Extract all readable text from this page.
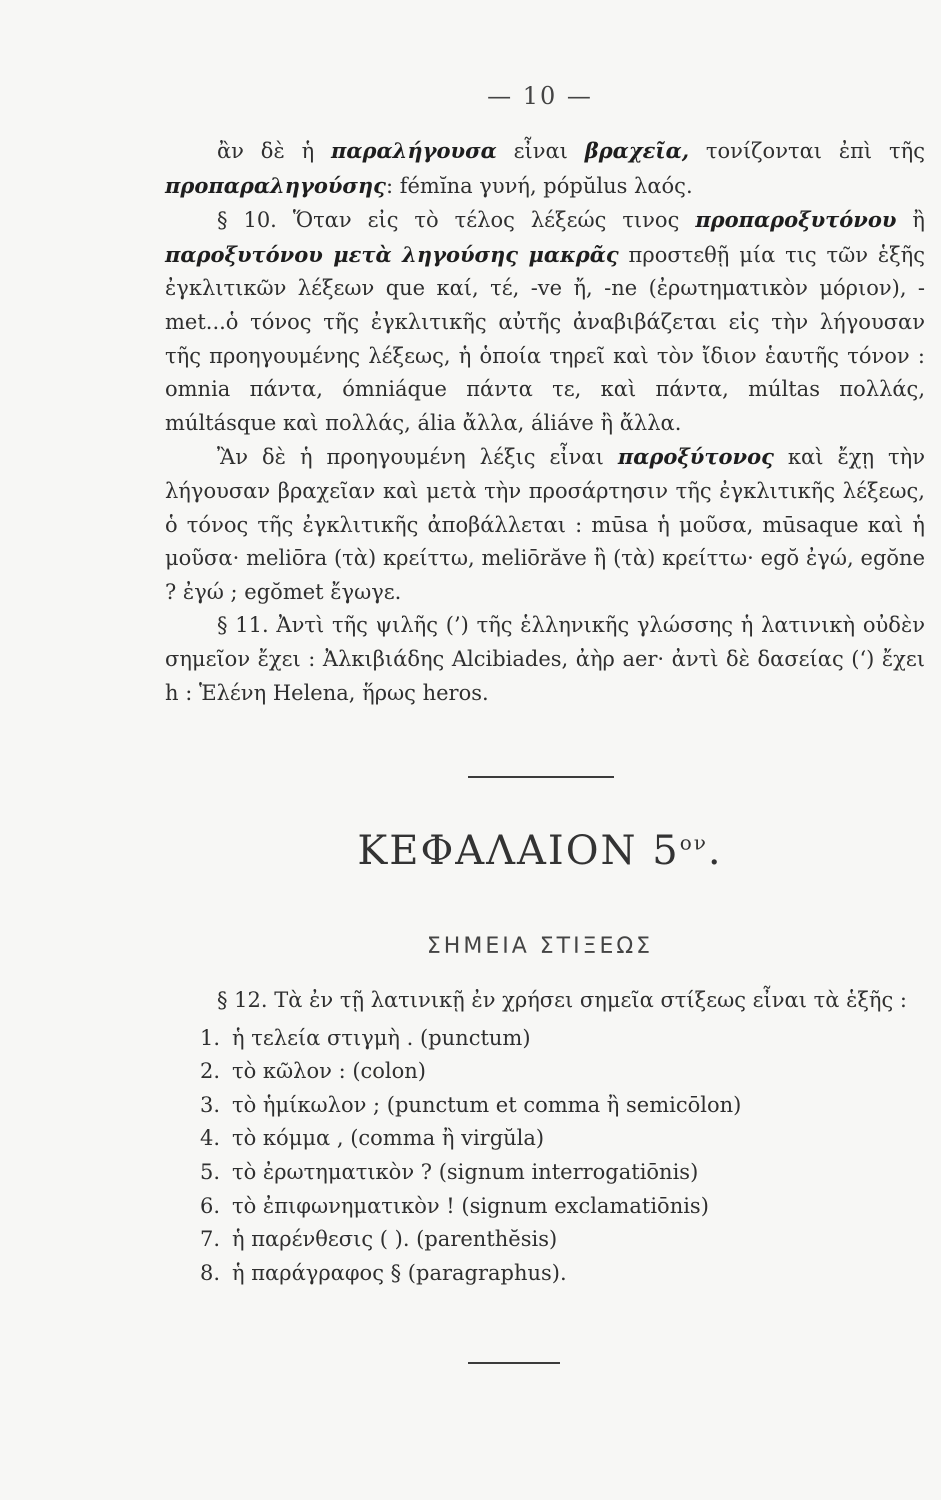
— 10 —

ἂν δὲ ἡ παραλήγουσα εἶναι βραχεῖα, τονίζονται ἐπὶ τῆς προπαραληγούσης: fémĭna γυνή, pópŭlus λαός.

§ 10. Ὅταν εἰς τὸ τέλος λέξεώς τινος προπαροξυτόνου ἢ παροξυτόνου μετὰ ληγούσης μακρᾶς προστεθῇ μία τις τῶν ἑξῆς ἐγκλιτικῶν λέξεων que καί, τέ, -ve ἤ, -ne (ἐρωτηματικὸν μόριον), -met...ὁ τόνος τῆς ἐγκλιτικῆς αὐτῆς ἀναβιβάζεται εἰς τὴν λήγουσαν τῆς προηγουμένης λέξεως, ἡ ὁποία τηρεῖ καὶ τὸν ἴδιον ἑαυτῆς τόνον : omnia πάντα, ómniáque πάντα τε, καὶ πάντα, múltas πολλάς, múltásque καὶ πολλάς, ália ἄλλα, áliáve ἢ ἄλλα.

Ἂν δὲ ἡ προηγουμένη λέξις εἶναι παροξύτονος καὶ ἔχῃ τὴν λήγουσαν βραχεῖαν καὶ μετὰ τὴν προσάρτησιν τῆς ἐγκλιτικῆς λέξεως, ὁ τόνος τῆς ἐγκλιτικῆς ἀποβάλλεται : mūsa ἡ μοῦσα, mūsaque καὶ ἡ μοῦσα· meliōra (τὰ) κρείττω, meliōrăve ἢ (τὰ) κρείττω· egŏ ἐγώ, egŏne ? ἐγώ ; egŏmet ἔγωγε.

§ 11. Ἀντὶ τῆς ψιλῆς (’) τῆς ἑλληνικῆς γλώσσης ἡ λατινικὴ οὐδὲν σημεῖον ἔχει : Ἀλκιβιάδης Alcibiades, ἀὴρ aer· ἀντὶ δὲ δασείας (‘) ἔχει h : Ἑλένη Helena, ἥρως heros.

ΚΕΦΑΛΑΙΟΝ $5^{o\nu}$.
ΣΗΜΕΙΑ ΣΤΙΞΕΩΣ

§ 12. Τὰ ἐν τῇ λατινικῇ ἐν χρήσει σημεῖα στίξεως εἶναι τὰ ἑξῆς :

1. ἡ τελεία στιγμὴ . (punctum)

2. τὸ κῶλον : (colon)

3. τὸ ἡμίκωλον ; (punctum et comma ἢ semicōlon)

4. τὸ κόμμα , (comma ἢ virgŭla)

5. τὸ ἐρωτηματικὸν ? (signum interrogatiōnis)

6. τὸ ἐπιφωνηματικὸν ! (signum exclamatiōnis)

7. ἡ παρένθεσις ( ). (parenthĕsis)

8. ἡ παράγραφος § (paragraphus).
